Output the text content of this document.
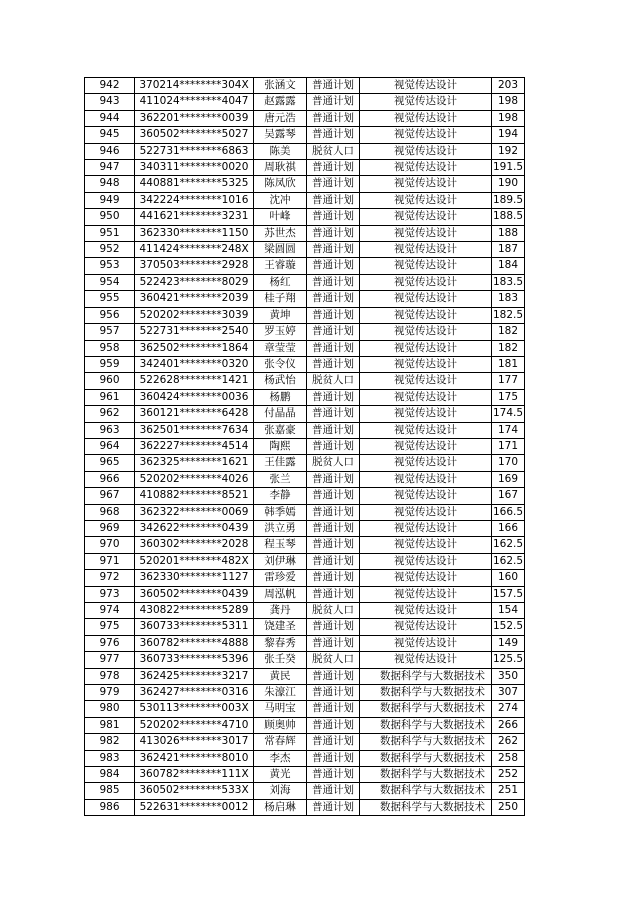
942	370214********304X	张涵文	普通计划	视觉传达设计	203
943	411024********4047	赵露露	普通计划	视觉传达设计	198
944	362201********0039	唐元浩	普通计划	视觉传达设计	198
945	360502********5027	吴露琴	普通计划	视觉传达设计	194
946	522731********6863	陈美	脱贫人口	视觉传达设计	192
947	340311********0020	周耿祺	普通计划	视觉传达设计	191.5
948	440881********5325	陈凤欣	普通计划	视觉传达设计	190
949	342224********1016	沈冲	普通计划	视觉传达设计	189.5
950	441621********3231	叶峰	普通计划	视觉传达设计	188.5
951	362330********1150	苏世杰	普通计划	视觉传达设计	188
952	411424********248X	梁圆圆	普通计划	视觉传达设计	187
953	370503********2928	王睿璇	普通计划	视觉传达设计	184
954	522423********8029	杨红	普通计划	视觉传达设计	183.5
955	360421********2039	桂子翔	普通计划	视觉传达设计	183
956	520202********3039	黄坤	普通计划	视觉传达设计	182.5
957	522731********2540	罗玉婷	普通计划	视觉传达设计	182
958	362502********1864	章莹莹	普通计划	视觉传达设计	182
959	342401********0320	张令仪	普通计划	视觉传达设计	181
960	522628********1421	杨武怡	脱贫人口	视觉传达设计	177
961	360424********0036	杨鹏	普通计划	视觉传达设计	175
962	360121********6428	付晶晶	普通计划	视觉传达设计	174.5
963	362501********7634	张嘉豪	普通计划	视觉传达设计	174
964	362227********4514	陶熙	普通计划	视觉传达设计	171
965	362325********1621	王佳露	脱贫人口	视觉传达设计	170
966	520202********4026	张兰	普通计划	视觉传达设计	169
967	410882********8521	李静	普通计划	视觉传达设计	167
968	362322********0069	韩季嫣	普通计划	视觉传达设计	166.5
969	342622********0439	洪立勇	普通计划	视觉传达设计	166
970	360302********2028	程玉琴	普通计划	视觉传达设计	162.5
971	520201********482X	刘伊琳	普通计划	视觉传达设计	162.5
972	362330********1127	雷珍爱	普通计划	视觉传达设计	160
973	360502********0439	周泓帆	普通计划	视觉传达设计	157.5
974	430822********5289	龚丹	脱贫人口	视觉传达设计	154
975	360733********5311	饶建圣	普通计划	视觉传达设计	152.5
976	360782********4888	黎春秀	普通计划	视觉传达设计	149
977	360733********5396	张壬癸	脱贫人口	视觉传达设计	125.5
978	362425********3217	黄民	普通计划	数据科学与大数据技术	350
979	362427********0316	朱濠江	普通计划	数据科学与大数据技术	307
980	530113********003X	马明宝	普通计划	数据科学与大数据技术	274
981	520202********4710	顾奥帅	普通计划	数据科学与大数据技术	266
982	413026********3017	常春辉	普通计划	数据科学与大数据技术	262
983	362421********8010	李杰	普通计划	数据科学与大数据技术	258
984	360782********111X	黄光	普通计划	数据科学与大数据技术	252
985	360502********533X	刘海	普通计划	数据科学与大数据技术	251
986	522631********0012	杨启琳	普通计划	数据科学与大数据技术	250
